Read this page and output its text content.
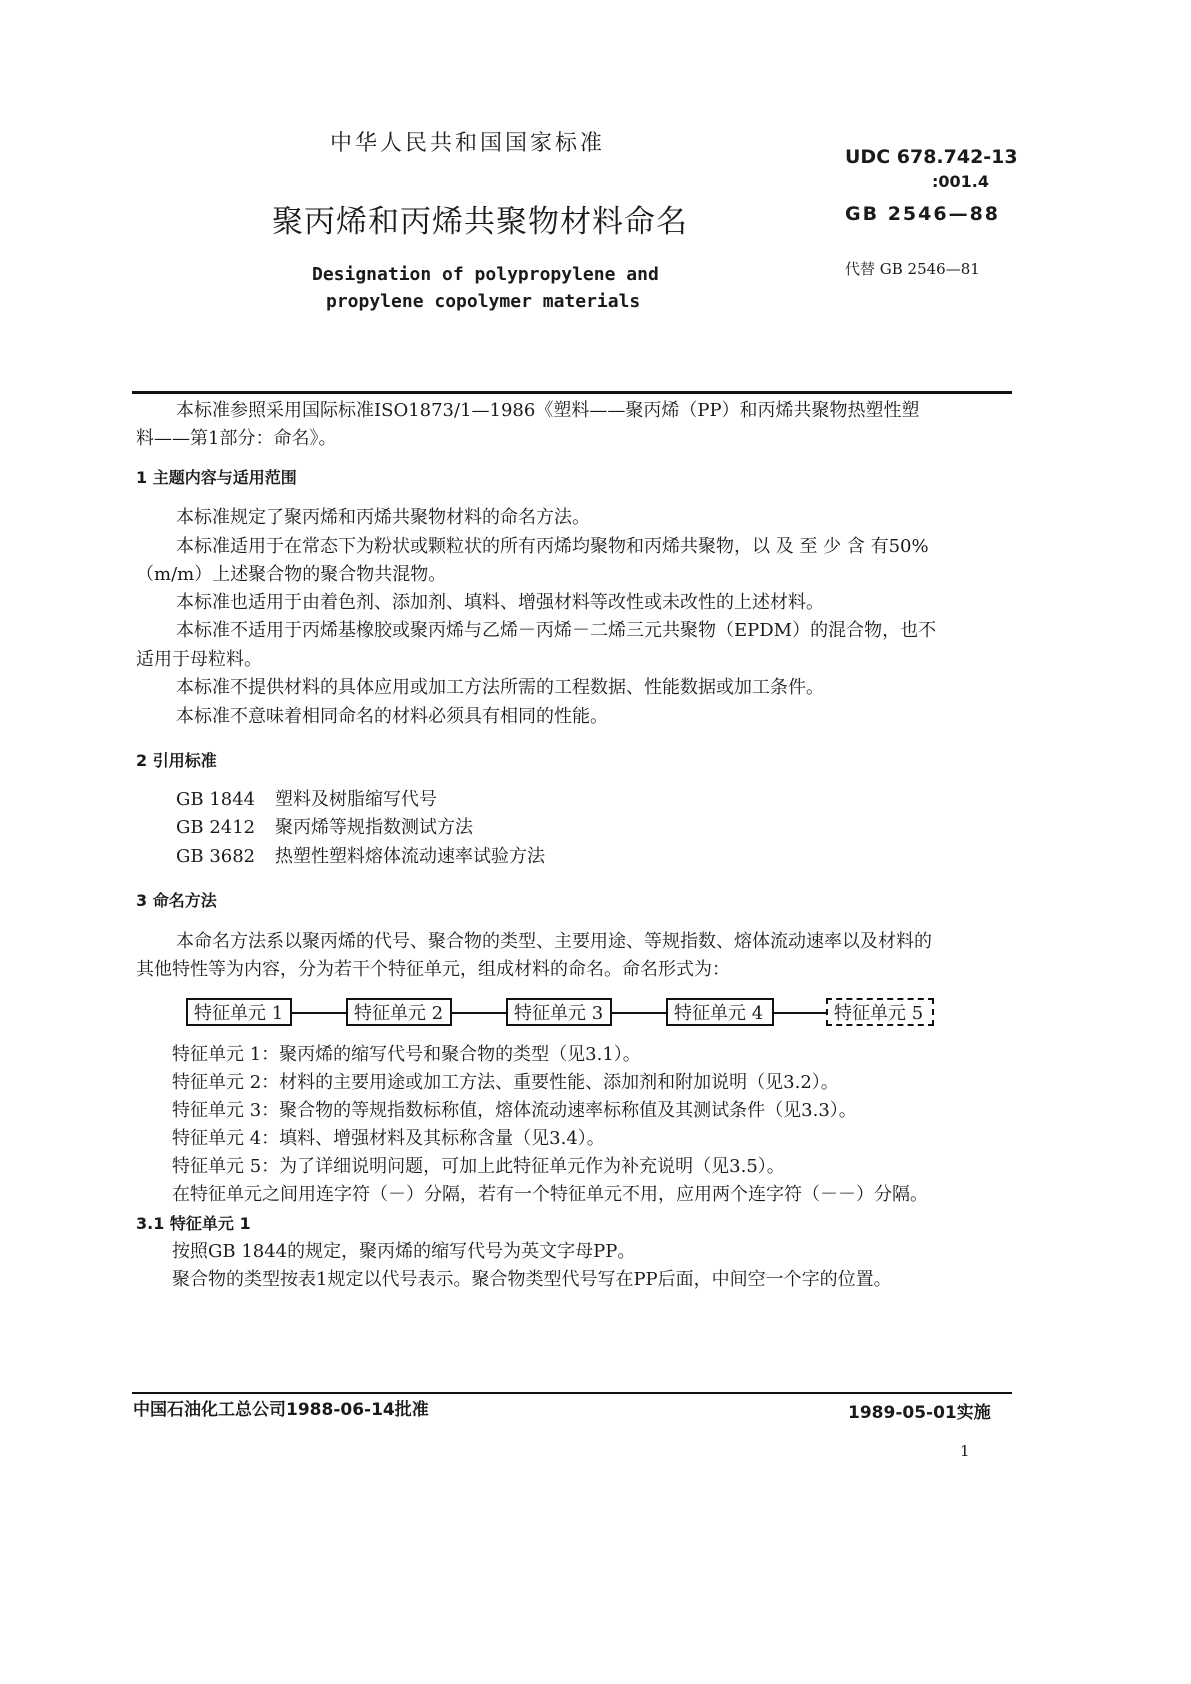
中华人民共和国国家标准
聚丙烯和丙烯共聚物材料命名
Designation of polypropylene and
propylene copolymer materials
UDC 678.742-13
:001.4
GB 2546—88
代替 GB 2546—81
本标准参照采用国际标准ISO1873/1—1986《塑料——聚丙烯（PP）和丙烯共聚物热塑性塑
料——第1部分：命名》。
1 主题内容与适用范围
本标准规定了聚丙烯和丙烯共聚物材料的命名方法。
本标准适用于在常态下为粉状或颗粒状的所有丙烯均聚物和丙烯共聚物，以 及 至 少 含 有50%
（m/m）上述聚合物的聚合物共混物。
本标准也适用于由着色剂、添加剂、填料、增强材料等改性或未改性的上述材料。
本标准不适用于丙烯基橡胶或聚丙烯与乙烯－丙烯－二烯三元共聚物（EPDM）的混合物，也不
适用于母粒料。
本标准不提供材料的具体应用或加工方法所需的工程数据、性能数据或加工条件。
本标准不意味着相同命名的材料必须具有相同的性能。
2 引用标准
GB 1844 塑料及树脂缩写代号
GB 2412 聚丙烯等规指数测试方法
GB 3682 热塑性塑料熔体流动速率试验方法
3 命名方法
本命名方法系以聚丙烯的代号、聚合物的类型、主要用途、等规指数、熔体流动速率以及材料的
其他特性等为内容，分为若干个特征单元，组成材料的命名。命名形式为：
特征单元 1	特征单元 2	特征单元 3	特征单元 4	特征单元 5
特征单元 1：聚丙烯的缩写代号和聚合物的类型（见3.1）。
特征单元 2：材料的主要用途或加工方法、重要性能、添加剂和附加说明（见3.2）。
特征单元 3：聚合物的等规指数标称值，熔体流动速率标称值及其测试条件（见3.3）。
特征单元 4：填料、增强材料及其标称含量（见3.4）。
特征单元 5：为了详细说明问题，可加上此特征单元作为补充说明（见3.5）。
在特征单元之间用连字符（－）分隔，若有一个特征单元不用，应用两个连字符（－－）分隔。
3.1 特征单元 1
按照GB 1844的规定，聚丙烯的缩写代号为英文字母PP。
聚合物的类型按表1规定以代号表示。聚合物类型代号写在PP后面，中间空一个字的位置。
中国石油化工总公司1988-06-14批准	1989-05-01实施
1
